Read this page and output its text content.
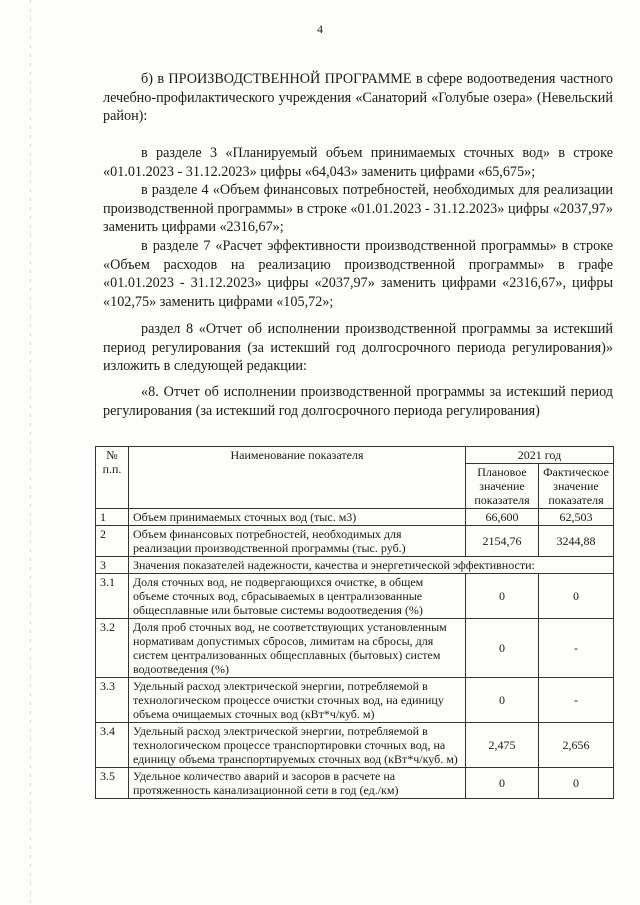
4

б) в ПРОИЗВОДСТВЕННОЙ ПРОГРАММЕ в сфере водоотведения частного лечебно-профилактического учреждения «Санаторий «Голубые озера» (Невельский район):

в разделе 3 «Планируемый объем принимаемых сточных вод» в строке «01.01.2023 - 31.12.2023» цифры «64,043» заменить цифрами «65,675»;

в разделе 4 «Объем финансовых потребностей, необходимых для реализации производственной программы» в строке «01.01.2023 - 31.12.2023» цифры «2037,97» заменить цифрами «2316,67»;

в разделе 7 «Расчет эффективности производственной программы» в строке «Объем расходов на реализацию производственной программы» в графе «01.01.2023 - 31.12.2023» цифры «2037,97» заменить цифрами «2316,67», цифры «102,75» заменить цифрами «105,72»;

раздел 8 «Отчет об исполнении производственной программы за истекший период регулирования (за истекший год долгосрочного периода регулирования)» изложить в следующей редакции:

«8. Отчет об исполнении производственной программы за истекший период регулирования (за истекший год долгосрочного периода регулирования)

№ п.п.	Наименование показателя	2021 год	
		Плановое значение показателя	Фактическое значение показателя
1	Объем принимаемых сточных вод (тыс. м3)	66,600	62,503
2	Объем финансовых потребностей, необходимых для реализации производственной программы (тыс. руб.)	2154,76	3244,88
3	Значения показателей надежности, качества и энергетической эффективности:		
3.1	Доля сточных вод, не подвергающихся очистке, в общем объеме сточных вод, сбрасываемых в централизованные общесплавные или бытовые системы водоотведения (%)	0	0
3.2	Доля проб сточных вод, не соответствующих установленным нормативам допустимых сбросов, лимитам на сбросы, для систем централизованных общесплавных (бытовых) систем водоотведения (%)	0	-
3.3	Удельный расход электрической энергии, потребляемой в технологическом процессе очистки сточных вод, на единицу объема очищаемых сточных вод (кВт*ч/куб. м)	0	-
3.4	Удельный расход электрической энергии, потребляемой в технологическом процессе транспортировки сточных вод, на единицу объема транспортируемых сточных вод (кВт*ч/куб. м)	2,475	2,656
3.5	Удельное количество аварий и засоров в расчете на протяженность канализационной сети в год (ед./км)	0	0
